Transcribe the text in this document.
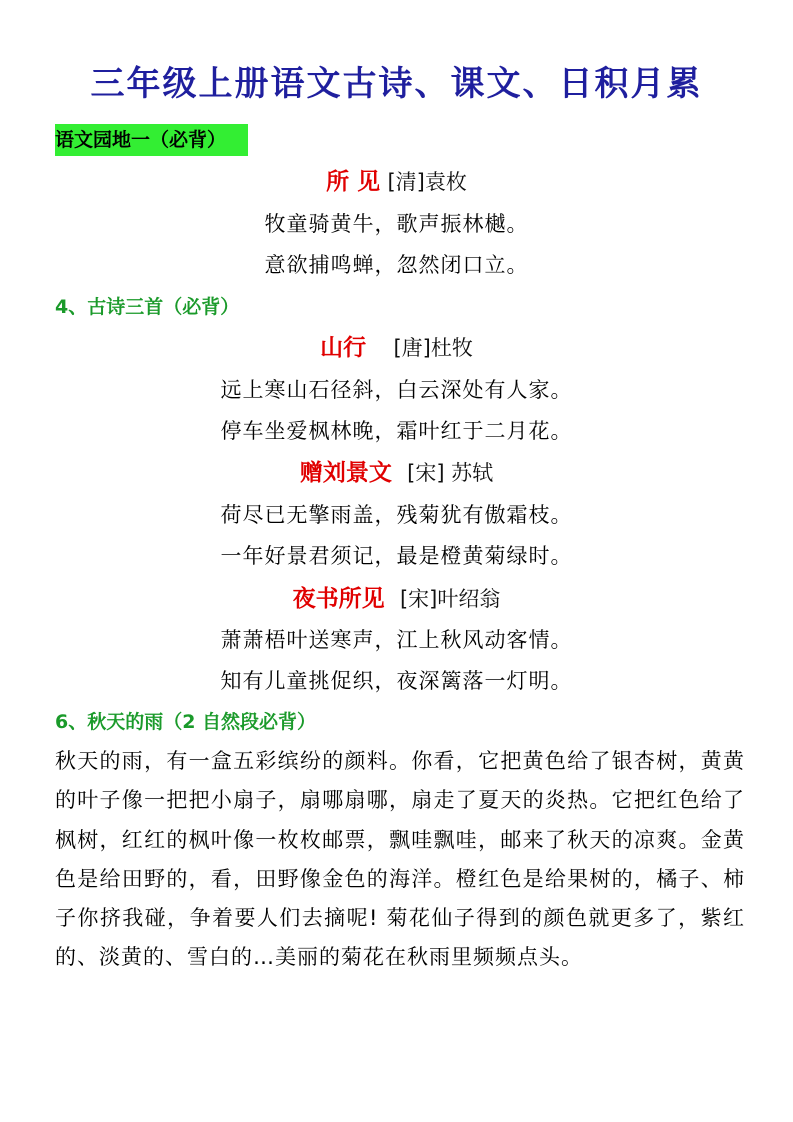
三年级上册语文古诗、课文、日积月累
语文园地一（必背）
所 见 [清]袁枚
牧童骑黄牛，歌声振林樾。
意欲捕鸣蝉，忽然闭口立。
4、古诗三首（必背）
山行 [唐]杜牧
远上寒山石径斜，白云深处有人家。
停车坐爱枫林晚，霜叶红于二月花。
赠刘景文 [宋] 苏轼
荷尽已无擎雨盖，残菊犹有傲霜枝。
一年好景君须记，最是橙黄菊绿时。
夜书所见 [宋]叶绍翁
萧萧梧叶送寒声，江上秋风动客情。
知有儿童挑促织，夜深篱落一灯明。
6、秋天的雨（2 自然段必背）
秋天的雨，有一盒五彩缤纷的颜料。你看，它把黄色给了银杏树，黄黄的叶子像一把把小扇子，扇哪扇哪，扇走了夏天的炎热。它把红色给了枫树，红红的枫叶像一枚枚邮票，飘哇飘哇，邮来了秋天的凉爽。金黄色是给田野的，看，田野像金色的海洋。橙红色是给果树的，橘子、柿子你挤我碰，争着要人们去摘呢! 菊花仙子得到的颜色就更多了，紫红的、淡黄的、雪白的…美丽的菊花在秋雨里频频点头。
